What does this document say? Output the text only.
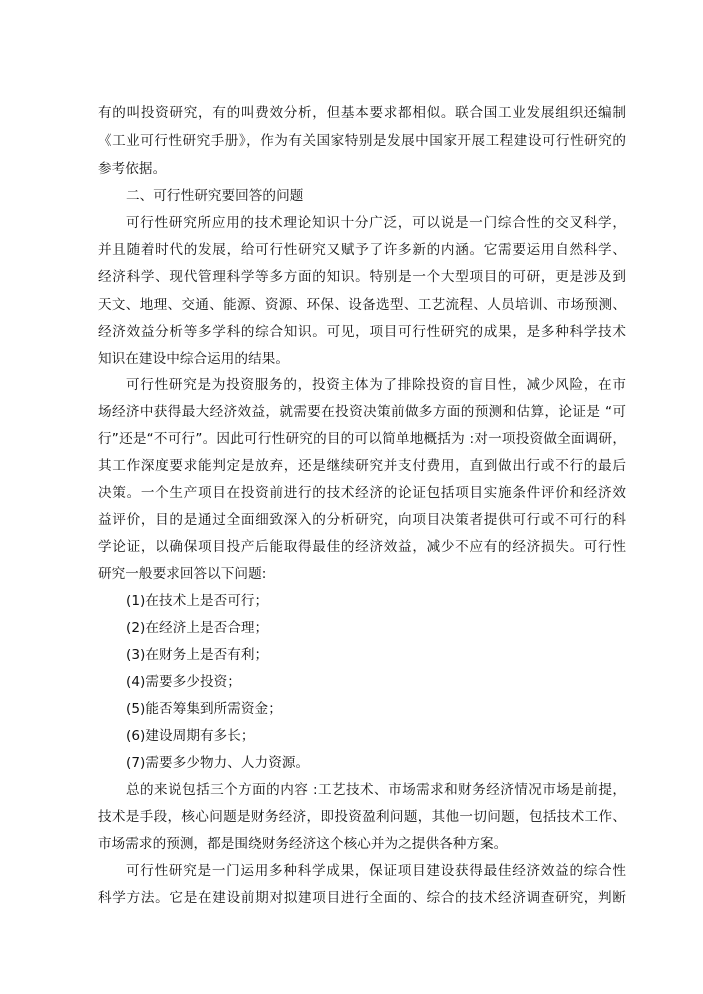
有的叫投资研究，有的叫费效分析，但基本要求都相似。联合国工业发展组织还编制
《工业可行性研究手册》，作为有关国家特别是发展中国家开展工程建设可行性研究的
参考依据。
二、可行性研究要回答的问题
可行性研究所应用的技术理论知识十分广泛，可以说是一门综合性的交叉科学，
并且随着时代的发展，给可行性研究又赋予了许多新的内涵。它需要运用自然科学、
经济科学、现代管理科学等多方面的知识。特别是一个大型项目的可研，更是涉及到
天文、地理、交通、能源、资源、环保、设备选型、工艺流程、人员培训、市场预测、
经济效益分析等多学科的综合知识。可见，项目可行性研究的成果，是多种科学技术
知识在建设中综合运用的结果。
可行性研究是为投资服务的，投资主体为了排除投资的盲目性，减少风险，在市
场经济中获得最大经济效益，就需要在投资决策前做多方面的预测和估算，论证是 “可
行”还是“不可行”。因此可行性研究的目的可以简单地概括为 :对一项投资做全面调研，
其工作深度要求能判定是放弃，还是继续研究并支付费用，直到做出行或不行的最后
决策。一个生产项目在投资前进行的技术经济的论证包括项目实施条件评价和经济效
益评价，目的是通过全面细致深入的分析研究，向项目决策者提供可行或不可行的科
学论证，以确保项目投产后能取得最佳的经济效益，减少不应有的经济损失。可行性
研究一般要求回答以下问题:
(1)在技术上是否可行；
(2)在经济上是否合理；
(3)在财务上是否有利；
(4)需要多少投资；
(5)能否筹集到所需资金；
(6)建设周期有多长；
(7)需要多少物力、人力资源。
总的来说包括三个方面的内容 :工艺技术、市场需求和财务经济情况市场是前提，
技术是手段，核心问题是财务经济，即投资盈利问题，其他一切问题，包括技术工作、
市场需求的预测，都是围绕财务经济这个核心并为之提供各种方案。
可行性研究是一门运用多种科学成果，保证项目建设获得最佳经济效益的综合性
科学方法。它是在建设前期对拟建项目进行全面的、综合的技术经济调查研究，判断
